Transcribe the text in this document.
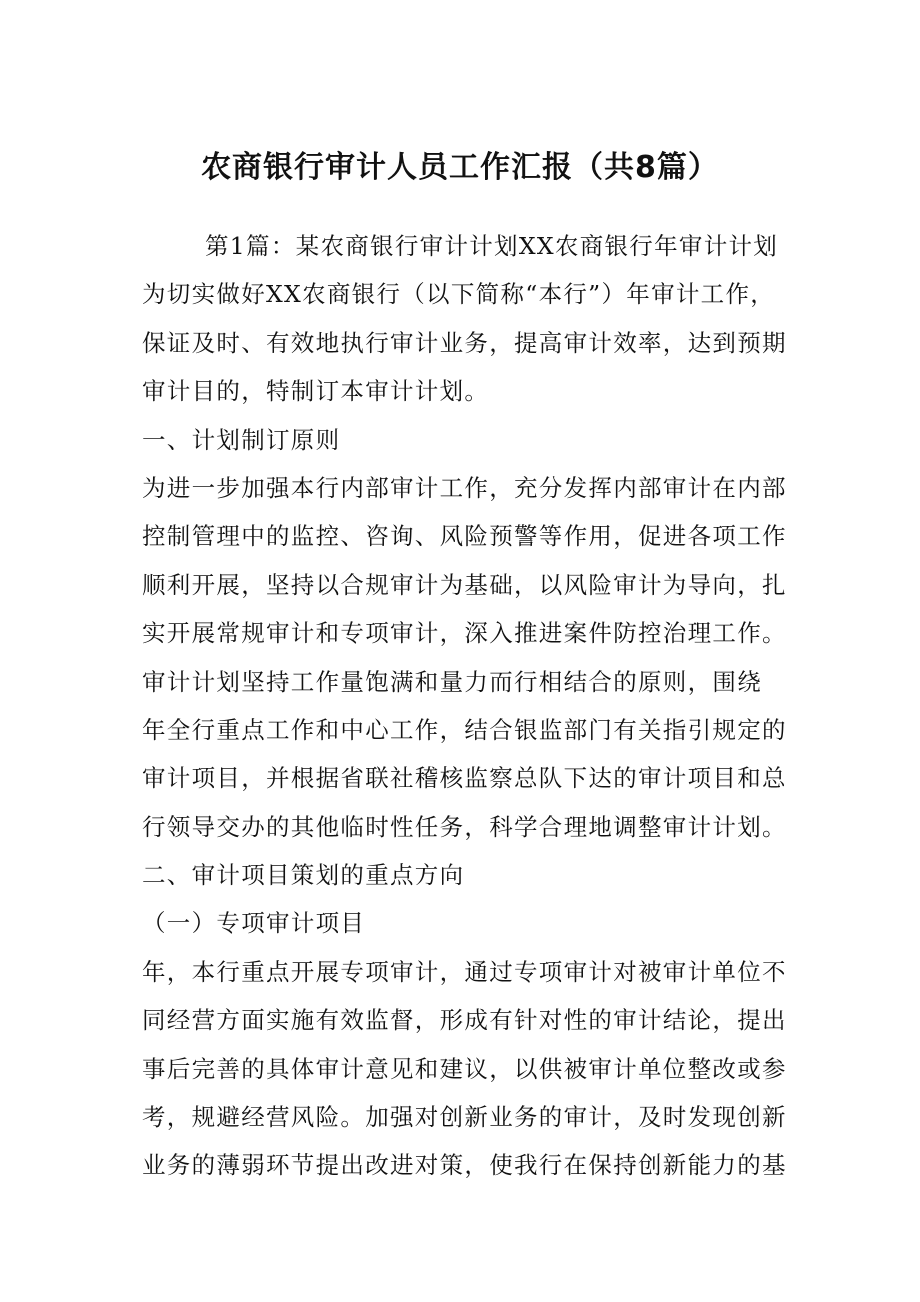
农商银行审计人员工作汇报（共8篇）
第1篇：某农商银行审计计划XX农商银行年审计计划
为切实做好XX农商银行（以下简称“本行”）年审计工作，
保证及时、有效地执行审计业务，提高审计效率，达到预期
审计目的，特制订本审计计划。
一、计划制订原则
为进一步加强本行内部审计工作，充分发挥内部审计在内部
控制管理中的监控、咨询、风险预警等作用，促进各项工作
顺利开展，坚持以合规审计为基础，以风险审计为导向，扎
实开展常规审计和专项审计，深入推进案件防控治理工作。
审计计划坚持工作量饱满和量力而行相结合的原则，围绕
年全行重点工作和中心工作，结合银监部门有关指引规定的
审计项目，并根据省联社稽核监察总队下达的审计项目和总
行领导交办的其他临时性任务，科学合理地调整审计计划。
二、审计项目策划的重点方向
（一）专项审计项目
年，本行重点开展专项审计，通过专项审计对被审计单位不
同经营方面实施有效监督，形成有针对性的审计结论，提出
事后完善的具体审计意见和建议，以供被审计单位整改或参
考，规避经营风险。加强对创新业务的审计，及时发现创新
业务的薄弱环节提出改进对策，使我行在保持创新能力的基
